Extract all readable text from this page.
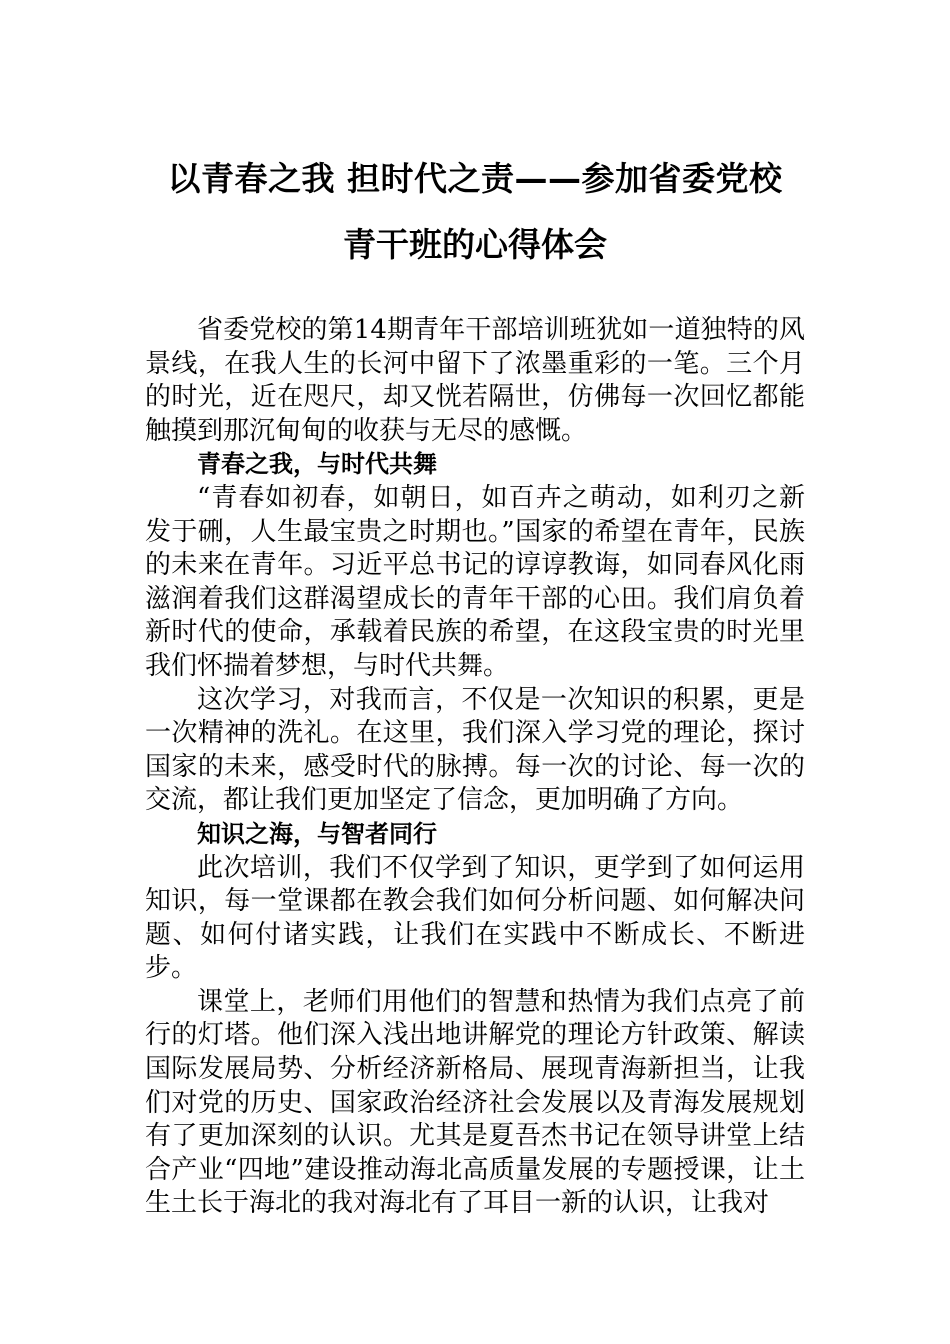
以青春之我 担时代之责——参加省委党校
青干班的心得体会

省委党校的第14期青年干部培训班犹如一道独特的风景线，在我人生的长河中留下了浓墨重彩的一笔。三个月的时光，近在咫尺，却又恍若隔世，仿佛每一次回忆都能触摸到那沉甸甸的收获与无尽的感慨。

青春之我，与时代共舞

“青春如初春，如朝日，如百卉之萌动，如利刃之新发于硎，人生最宝贵之时期也。”国家的希望在青年，民族的未来在青年。习近平总书记的谆谆教诲，如同春风化雨滋润着我们这群渴望成长的青年干部的心田。我们肩负着新时代的使命，承载着民族的希望，在这段宝贵的时光里我们怀揣着梦想，与时代共舞。

这次学习，对我而言，不仅是一次知识的积累，更是一次精神的洗礼。在这里，我们深入学习党的理论，探讨国家的未来，感受时代的脉搏。每一次的讨论、每一次的交流，都让我们更加坚定了信念，更加明确了方向。

知识之海，与智者同行

此次培训，我们不仅学到了知识，更学到了如何运用知识，每一堂课都在教会我们如何分析问题、如何解决问题、如何付诸实践，让我们在实践中不断成长、不断进步。

课堂上，老师们用他们的智慧和热情为我们点亮了前行的灯塔。他们深入浅出地讲解党的理论方针政策、解读国际发展局势、分析经济新格局、展现青海新担当，让我们对党的历史、国家政治经济社会发展以及青海发展规划有了更加深刻的认识。尤其是夏吾杰书记在领导讲堂上结合产业“四地”建设推动海北高质量发展的专题授课，让土生土长于海北的我对海北有了耳目一新的认识，让我对
